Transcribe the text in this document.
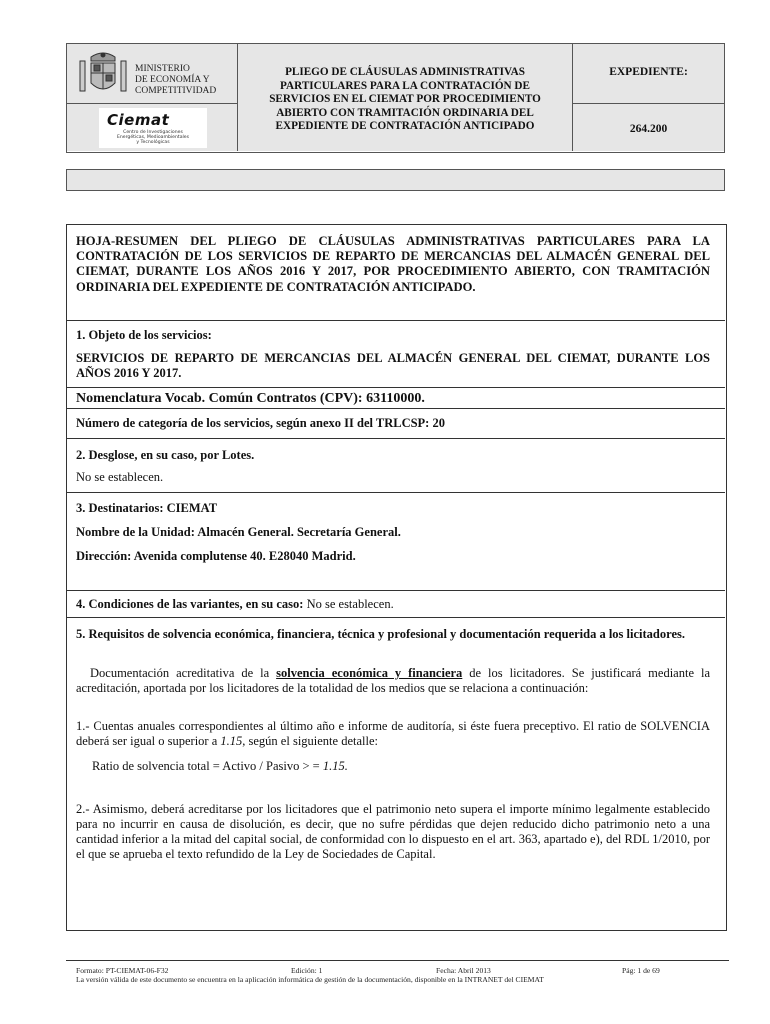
MINISTERIO
DE ECONOMÍA Y
COMPETITIVIDAD
Ciemat
Centro de Investigaciones
Energéticas, Medioambientales
y Tecnológicas
PLIEGO DE CLÁUSULAS ADMINISTRATIVAS
PARTICULARES PARA LA CONTRATACIÓN DE
SERVICIOS EN EL CIEMAT POR PROCEDIMIENTO
ABIERTO CON TRAMITACIÓN ORDINARIA DEL
EXPEDIENTE DE CONTRATACIÓN ANTICIPADO
EXPEDIENTE:
264.200
HOJA-RESUMEN DEL PLIEGO DE CLÁUSULAS ADMINISTRATIVAS PARTICULARES PARA LA CONTRATACIÓN DE LOS SERVICIOS DE REPARTO DE MERCANCIAS DEL ALMACÉN GENERAL DEL CIEMAT, DURANTE LOS AÑOS 2016 Y 2017, POR PROCEDIMIENTO ABIERTO, CON TRAMITACIÓN ORDINARIA DEL EXPEDIENTE DE CONTRATACIÓN ANTICIPADO.
1. Objeto de los servicios:
SERVICIOS DE REPARTO DE MERCANCIAS DEL ALMACÉN GENERAL DEL CIEMAT, DURANTE LOS AÑOS 2016 Y 2017.
Nomenclatura Vocab. Común Contratos (CPV): 63110000.
Número de categoría de los servicios, según anexo II del TRLCSP: 20
2. Desglose, en su caso, por Lotes.
No se establecen.
3. Destinatarios: CIEMAT
Nombre de la Unidad: Almacén General. Secretaría General.
Dirección: Avenida complutense 40. E28040 Madrid.
4. Condiciones de las variantes, en su caso: No se establecen.
5. Requisitos de solvencia económica, financiera, técnica y profesional y documentación requerida a los licitadores.
Documentación acreditativa de la solvencia económica y financiera de los licitadores. Se justificará mediante la acreditación, aportada por los licitadores de la totalidad de los medios que se relaciona a continuación:
1.- Cuentas anuales correspondientes al último año e informe de auditoría, si éste fuera preceptivo. El ratio de SOLVENCIA deberá ser igual o superior a 1.15, según el siguiente detalle:
Ratio de solvencia total = Activo / Pasivo > = 1.15.
2.- Asimismo, deberá acreditarse por los licitadores que el patrimonio neto supera el importe mínimo legalmente establecido para no incurrir en causa de disolución, es decir, que no sufre pérdidas que dejen reducido dicho patrimonio neto a una cantidad inferior a la mitad del capital social, de conformidad con lo dispuesto en el art. 363, apartado e), del RDL 1/2010, por el que se aprueba el texto refundido de la Ley de Sociedades de Capital.
Formato: PT-CIEMAT-06-F32	Edición: 1	Fecha: Abril 2013	Pág: 1 de 69
La versión válida de este documento se encuentra en la aplicación informática de gestión de la documentación, disponible en la INTRANET del CIEMAT
